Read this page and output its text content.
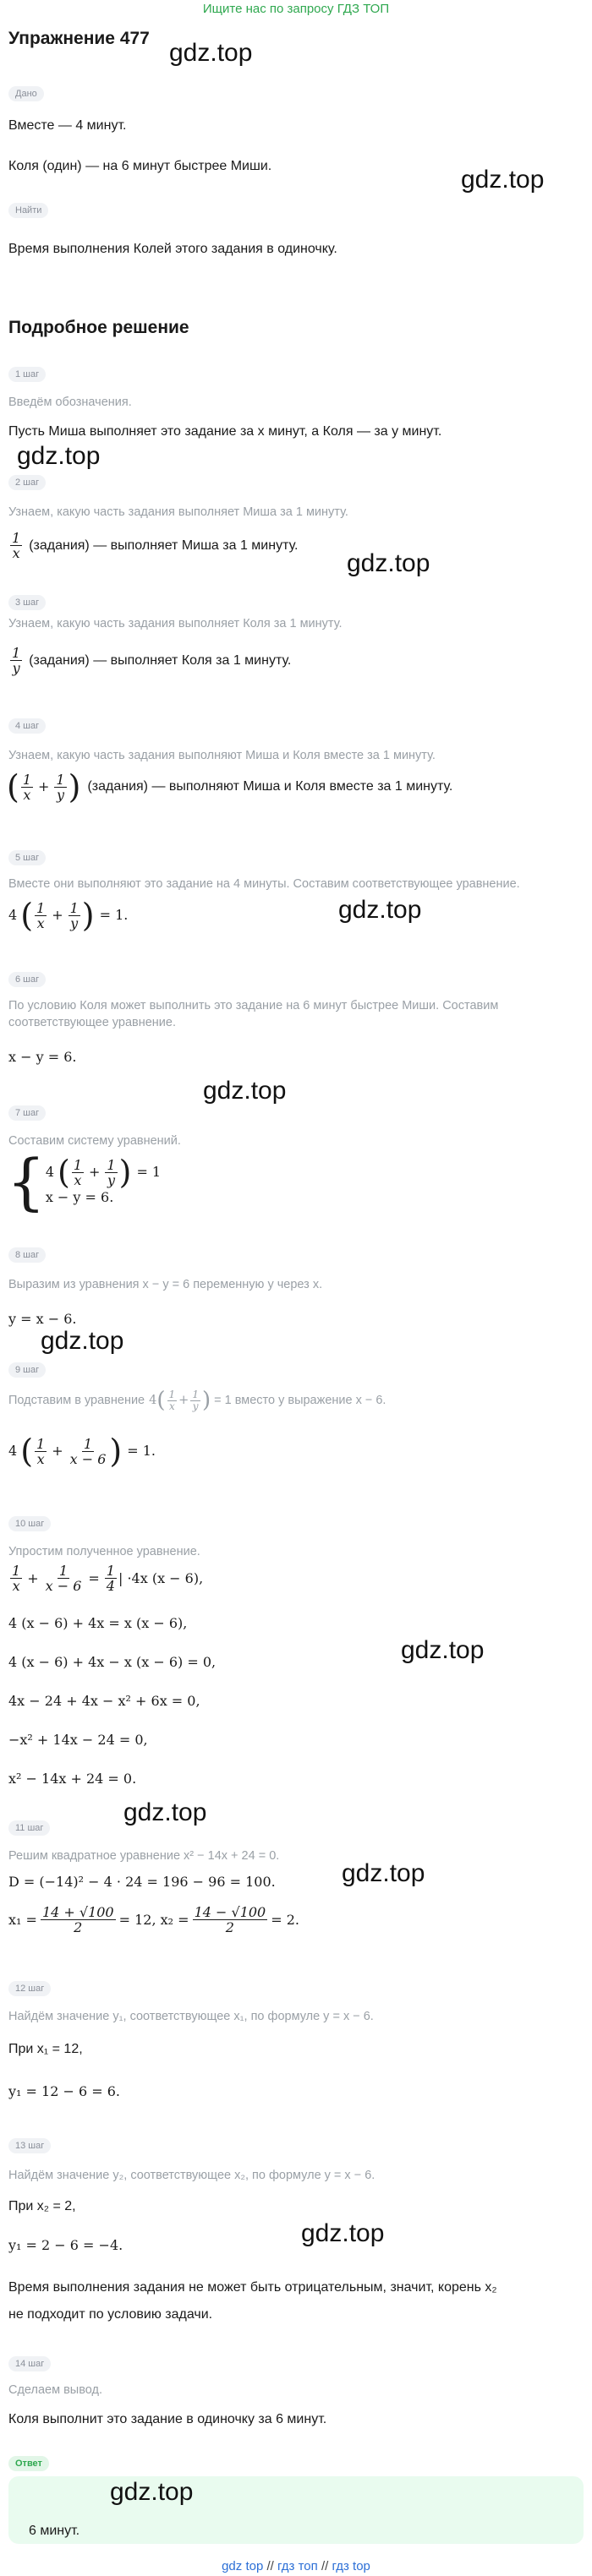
Ищите нас по запросу ГДЗ ТОП
Упражнение 477
gdz.top
Дано
Вместе — 4 минут.
Коля (один) — на 6 минут быстрее Миши.	gdz.top
Найти
Время выполнения Колей этого задания в одиночку.
Подробное решение
1 шаг
Введём обозначения.
Пусть Миша выполняет это задание за x минут, а Коля — за y минут.
gdz.top
2 шаг
Узнаем, какую часть задания выполняет Миша за 1 минуту.
$\frac{1}{x}$ (задания) — выполняет Миша за 1 минуту.
gdz.top
3 шаг
Узнаем, какую часть задания выполняет Коля за 1 минуту.
$\frac{1}{y}$ (задания) — выполняет Коля за 1 минуту.
4 шаг
Узнаем, какую часть задания выполняют Миша и Коля вместе за 1 минуту.
( $\frac{1}{x} + \frac{1}{y}$ ) (задания) — выполняют Миша и Коля вместе за 1 минуту.
5 шаг
Вместе они выполняют это задание на 4 минуты. Составим соответствующее уравнение.
4 ( $\frac{1}{x} + \frac{1}{y}$ ) = 1.	gdz.top
6 шаг
По условию Коля может выполнить это задание на 6 минут быстрее Миши. Составим соответствующее уравнение.
x − y = 6.
gdz.top
7 шаг
Составим систему уравнений.
{ 4 ( $\frac{1}{x} + \frac{1}{y}$ ) = 1
x − y = 6.
8 шаг
Выразим из уравнения x − y = 6 переменную y через x.
y = x − 6.
gdz.top
9 шаг
Подставим в уравнение 4 ( $\frac{1}{x} + \frac{1}{y}$ ) = 1 вместо y выражение x − 6.
4 ( $\frac{1}{x} + \frac{1}{x - 6}$ ) = 1.
10 шаг
Упростим полученное уравнение.
$\frac{1}{x} + \frac{1}{x - 6} = \frac{1}{4}$ | ·4x (x − 6),
4 (x − 6) + 4x = x (x − 6),
4 (x − 6) + 4x − x (x − 6) = 0,	gdz.top
4x − 24 + 4x − x² + 6x = 0,
−x² + 14x − 24 = 0,
x² − 14x + 24 = 0.
gdz.top
11 шаг
Решим квадратное уравнение x² − 14x + 24 = 0.
gdz.top
D = (−14)² − 4 · 24 = 196 − 96 = 100.
$x_1 = \frac{14 + √100}{2} = 12$, $x_2 = \frac{14 - √100}{2} = 2$.
12 шаг
Найдём значение y₁, соответствующее x₁, по формуле y = x − 6.
При x₁ = 12,
y₁ = 12 − 6 = 6.
13 шаг
Найдём значение y₂, соответствующее x₂, по формуле y = x − 6.
При x₂ = 2,
gdz.top
y₁ = 2 − 6 = −4.
Время выполнения задания не может быть отрицательным, значит, корень x₂
не подходит по условию задачи.
14 шаг
Сделаем вывод.
Коля выполнит это задание в одиночку за 6 минут.
Ответ
gdz.top
6 минут.
gdz top // гдз топ // гдз top
